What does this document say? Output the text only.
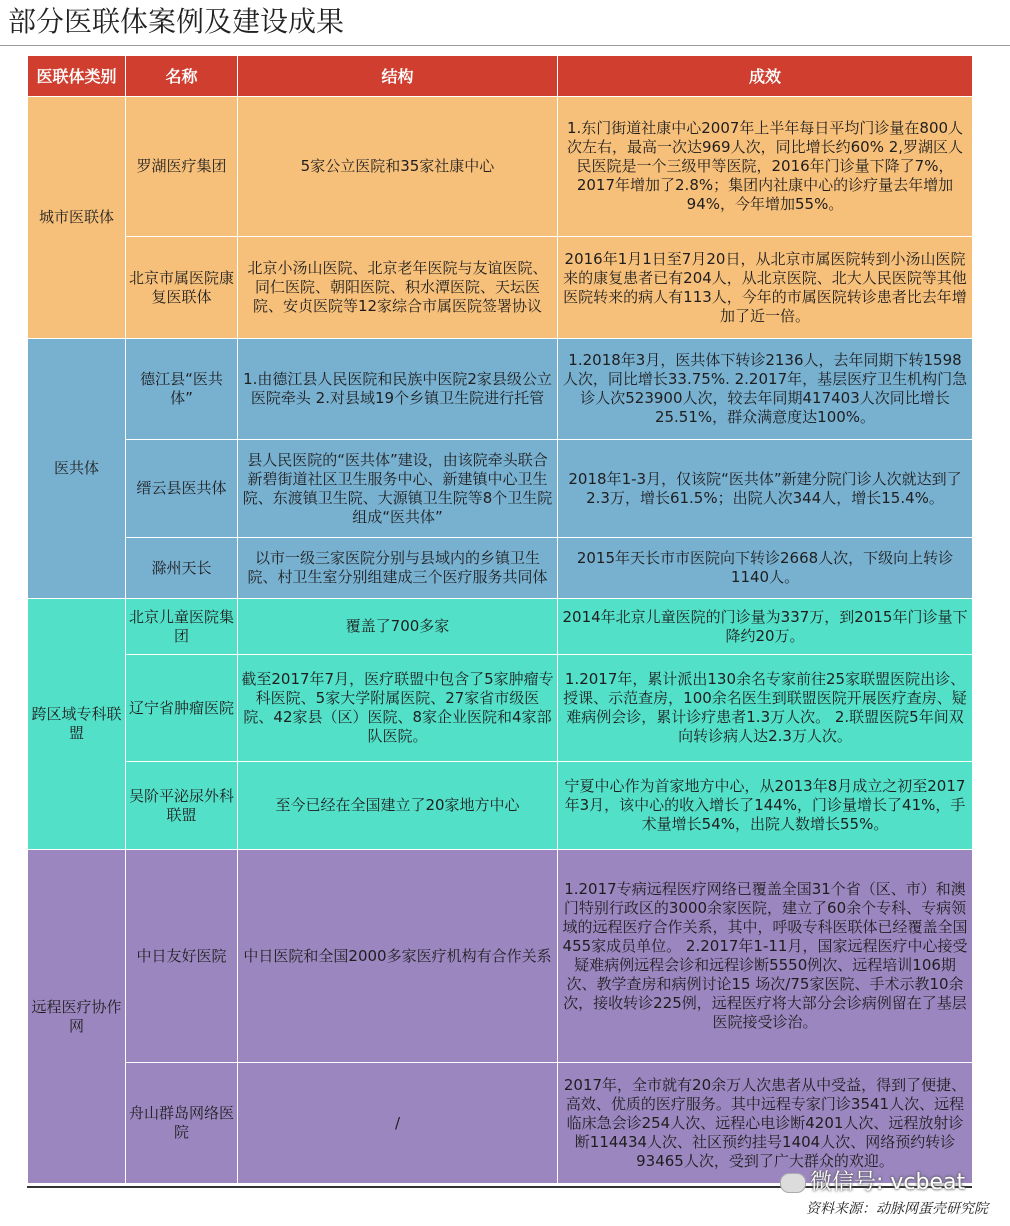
部分医联体案例及建设成果
医联体类别	名称	结构	成效
城市医联体	罗湖医疗集团	5家公立医院和35家社康中心	1.东门街道社康中心2007年上半年每日平均门诊量在800人次左右，最高一次达969人次，同比增长约60% 2,罗湖区人民医院是一个三级甲等医院，2016年门诊量下降了7%，2017年增加了2.8%；集团内社康中心的诊疗量去年增加94%，今年增加55%。
	北京市属医院康复医联体	北京小汤山医院、北京老年医院与友谊医院、同仁医院、朝阳医院、积水潭医院、天坛医院、安贞医院等12家综合市属医院签署协议	2016年1月1日至7月20日，从北京市属医院转到小汤山医院来的康复患者已有204人，从北京医院、北大人民医院等其他医院转来的病人有113人，今年的市属医院转诊患者比去年增加了近一倍。
医共体	德江县“医共体”	1.由德江县人民医院和民族中医院2家县级公立医院牵头 2.对县域19个乡镇卫生院进行托管	1.2018年3月，医共体下转诊2136人，去年同期下转1598人次，同比增长33.75%. 2.2017年，基层医疗卫生机构门急诊人次523900人次，较去年同期417403人次同比增长25.51%，群众满意度达100%。
	缙云县医共体	县人民医院的“医共体”建设，由该院牵头联合新碧街道社区卫生服务中心、新建镇中心卫生院、东渡镇卫生院、大源镇卫生院等8个卫生院组成“医共体”	2018年1-3月，仅该院“医共体”新建分院门诊人次就达到了2.3万，增长61.5%；出院人次344人，增长15.4%。
	滁州天长	以市一级三家医院分别与县域内的乡镇卫生院、村卫生室分别组建成三个医疗服务共同体	2015年天长市市医院向下转诊2668人次，下级向上转诊1140人。
跨区域专科联盟	北京儿童医院集团	覆盖了700多家	2014年北京儿童医院的门诊量为337万，到2015年门诊量下降约20万。
	辽宁省肿瘤医院	截至2017年7月，医疗联盟中包含了5家肿瘤专科医院、5家大学附属医院、27家省市级医院、42家县（区）医院、8家企业医院和4家部队医院。	1.2017年，累计派出130余名专家前往25家联盟医院出诊、授课、示范查房，100余名医生到联盟医院开展医疗查房、疑难病例会诊，累计诊疗患者1.3万人次。 2.联盟医院5年间双向转诊病人达2.3万人次。
	吴阶平泌尿外科联盟	至今已经在全国建立了20家地方中心	宁夏中心作为首家地方中心，从2013年8月成立之初至2017年3月，该中心的收入增长了144%，门诊量增长了41%，手术量增长54%，出院人数增长55%。
远程医疗协作网	中日友好医院	中日医院和全国2000多家医疗机构有合作关系	1.2017专病远程医疗网络已覆盖全国31个省（区、市）和澳门特别行政区的3000余家医院，建立了60余个专科、专病领域的远程医疗合作关系，其中，呼吸专科医联体已经覆盖全国455家成员单位。 2.2017年1-11月，国家远程医疗中心接受疑难病例远程会诊和远程诊断5550例次、远程培训106期次、教学查房和病例讨论15 场次/75家医院、手术示教10余次，接收转诊225例，远程医疗将大部分会诊病例留在了基层医院接受诊治。
	舟山群岛网络医院	/	2017年，全市就有20余万人次患者从中受益，得到了便捷、高效、优质的医疗服务。其中远程专家门诊3541人次、远程临床急会诊254人次、远程心电诊断4201人次、远程放射诊断114434人次、社区预约挂号1404人次、网络预约转诊93465人次，受到了广大群众的欢迎。
微信号: vcbeat
资料来源：动脉网蛋壳研究院
